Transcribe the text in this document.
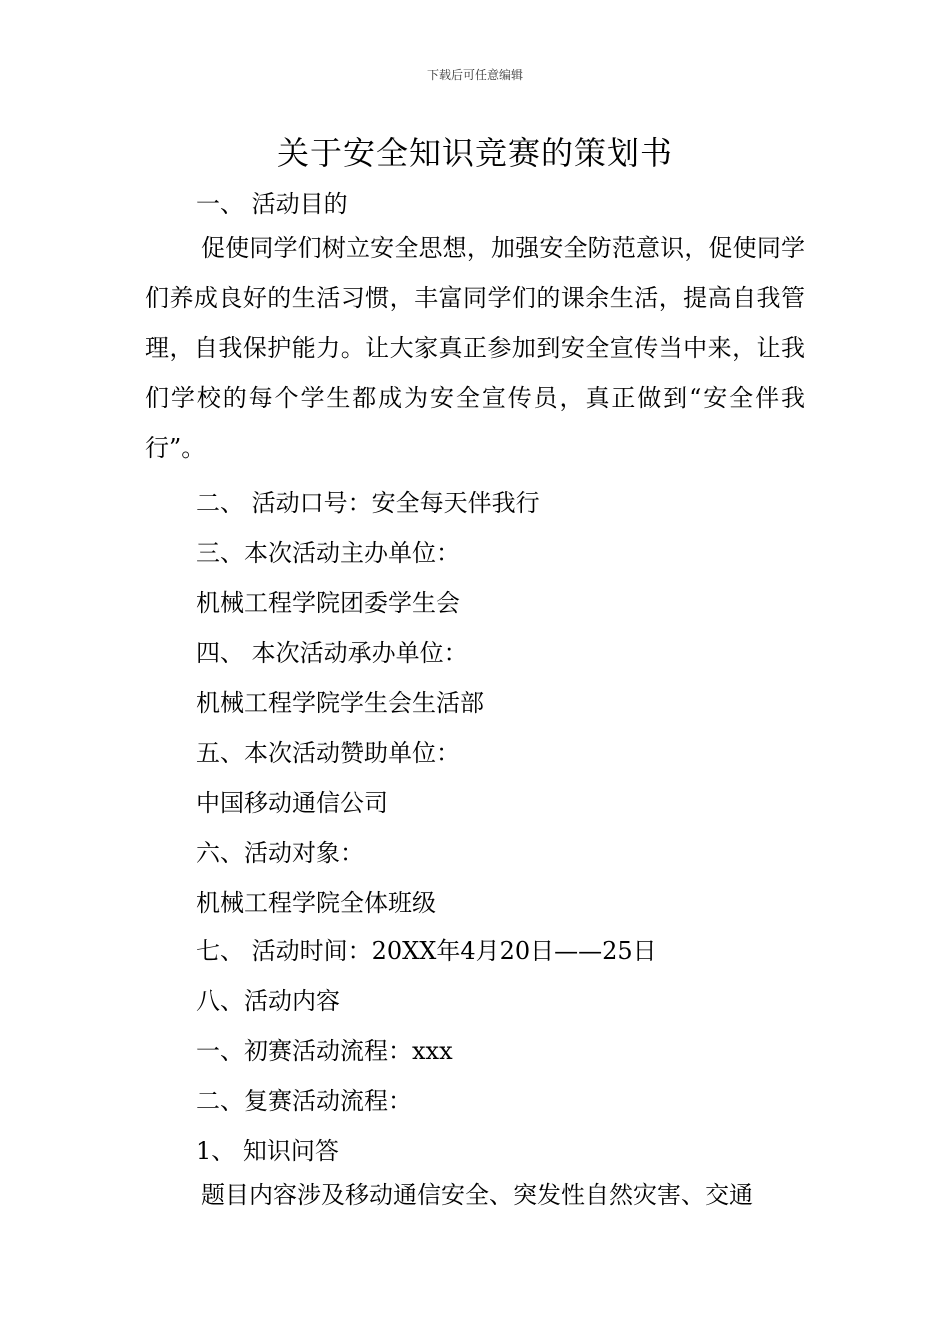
下载后可任意编辑
关于安全知识竞赛的策划书
一、 活动目的

促使同学们树立安全思想，加强安全防范意识，促使同学们养成良好的生活习惯，丰富同学们的课余生活，提高自我管理，自我保护能力。让大家真正参加到安全宣传当中来，让我们学校的每个学生都成为安全宣传员，真正做到“安全伴我行”。

二、 活动口号：安全每天伴我行
三、本次活动主办单位：
机械工程学院团委学生会
四、 本次活动承办单位：
机械工程学院学生会生活部
五、本次活动赞助单位：
中国移动通信公司
六、活动对象：
机械工程学院全体班级
七、 活动时间：20XX年4月20日——25日
八、活动内容
一、初赛活动流程：xxx
二、复赛活动流程：
1、 知识问答

题目内容涉及移动通信安全、突发性自然灾害、交通
